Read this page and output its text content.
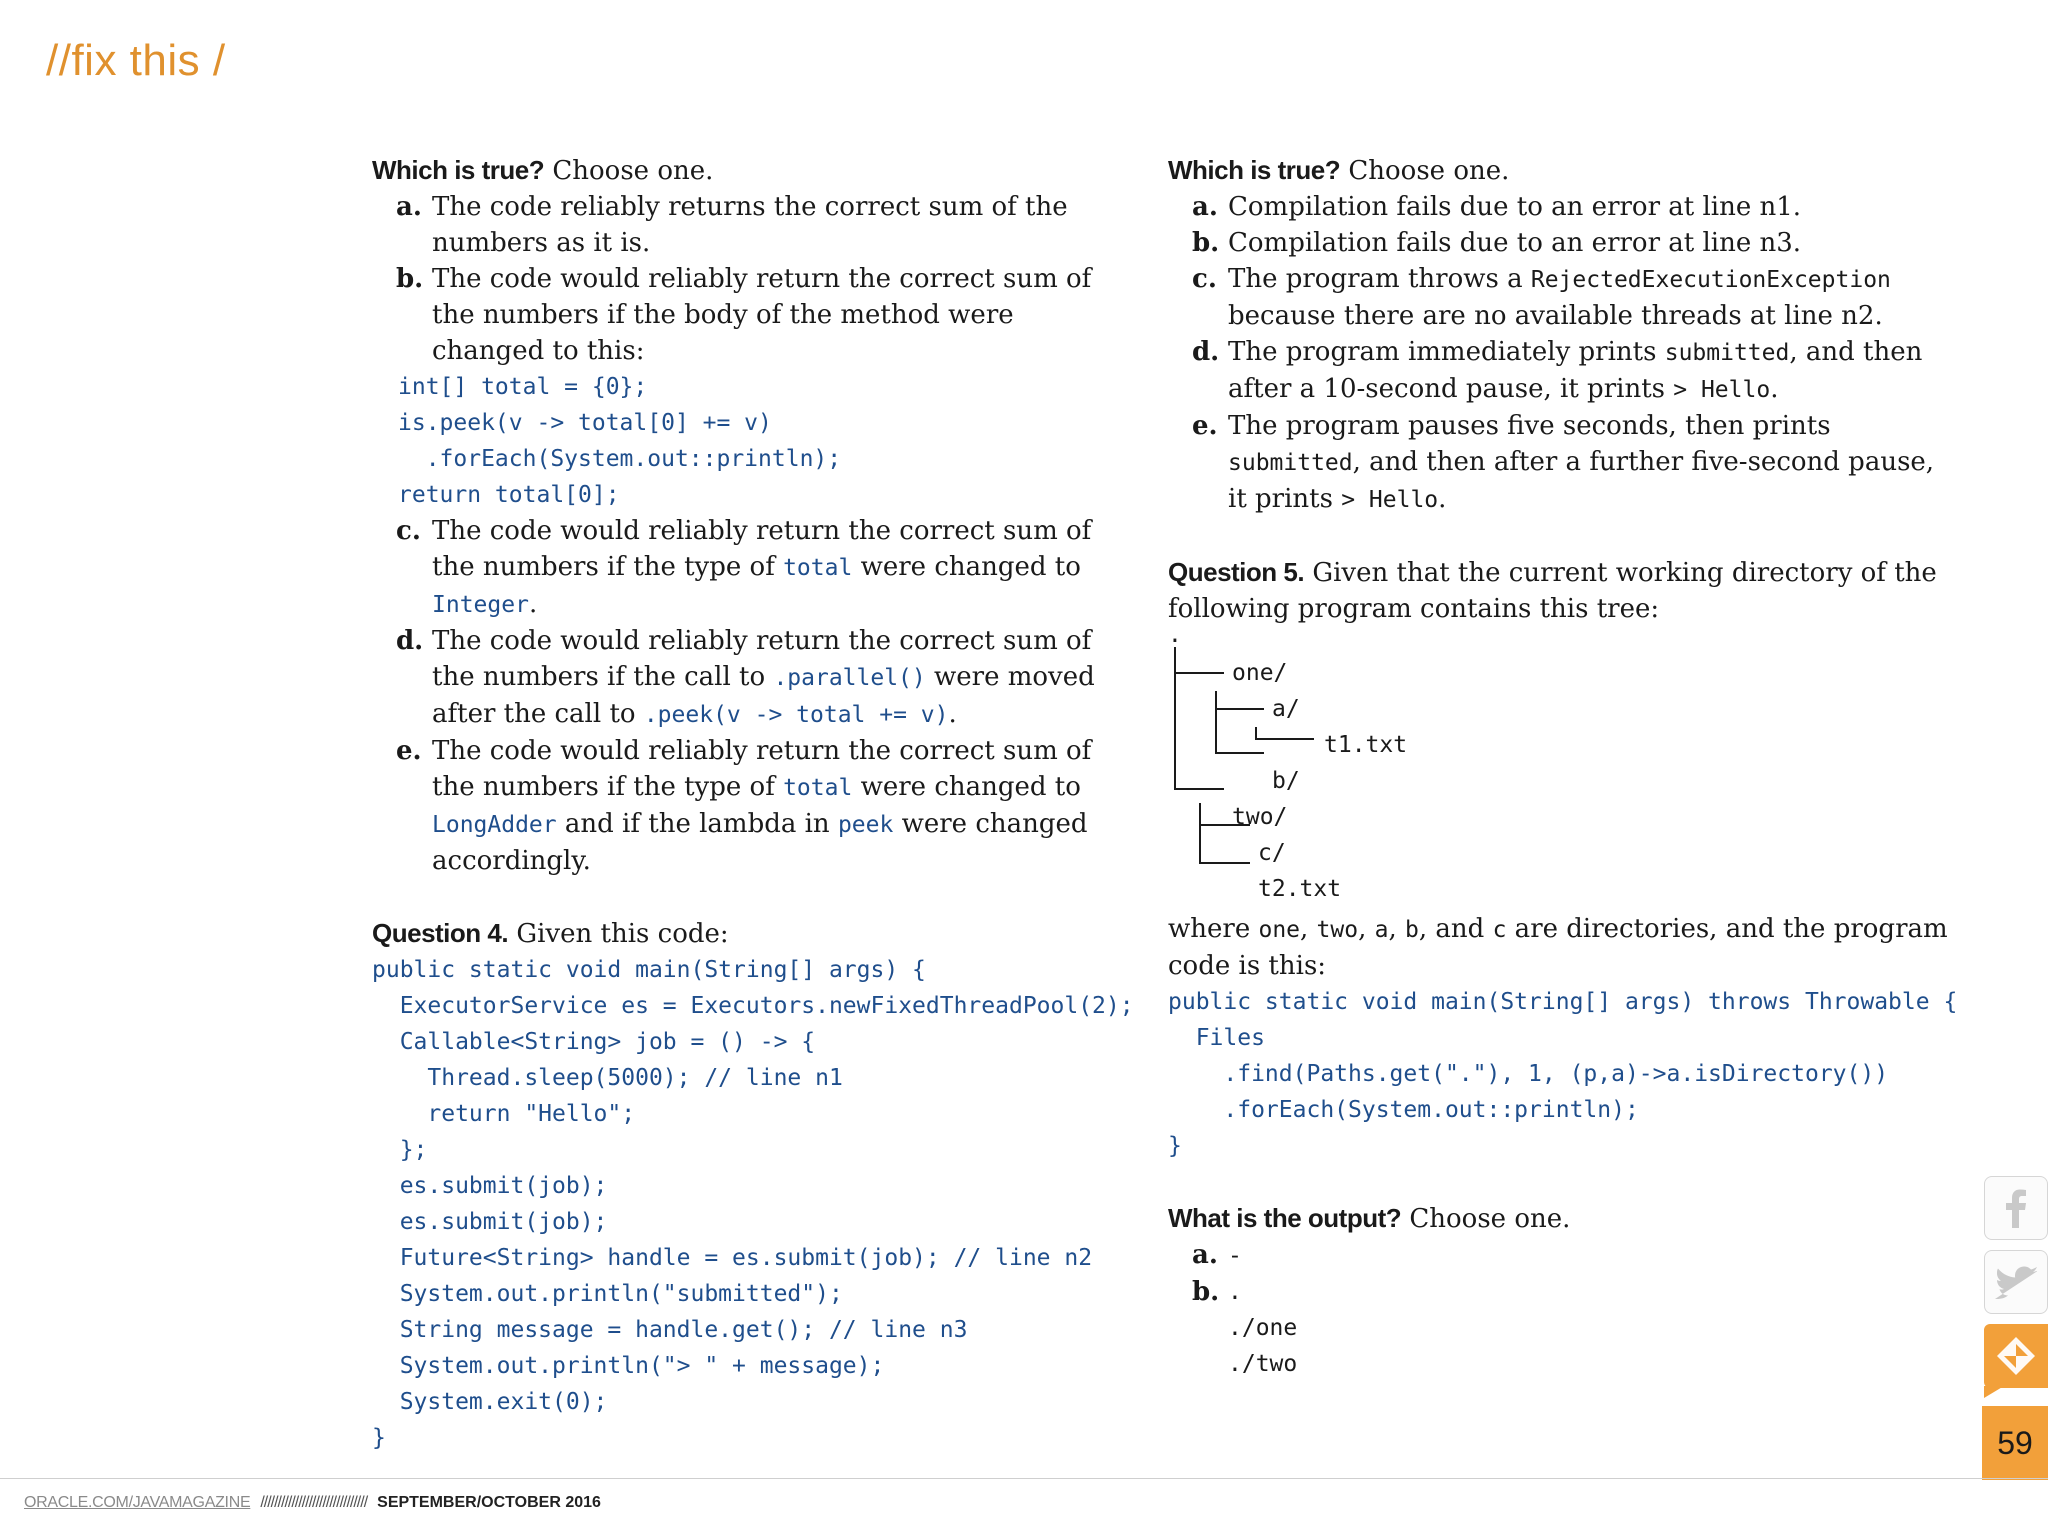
//fix this /
Which is true? Choose one.
a. The code reliably returns the correct sum of the numbers as it is.
b. The code would reliably return the correct sum of the numbers if the body of the method were changed to this:
int[] total = {0};
is.peek(v -> total[0] += v)
.forEach(System.out::println);
return total[0];
c. The code would reliably return the correct sum of the numbers if the type of total were changed to Integer.
d. The code would reliably return the correct sum of the numbers if the call to .parallel() were moved after the call to .peek(v -> total += v).
e. The code would reliably return the correct sum of the numbers if the type of total were changed to LongAdder and if the lambda in peek were changed accordingly.
Question 4. Given this code:
public static void main(String[] args) {
ExecutorService es = Executors.newFixedThreadPool(2);
Callable<String> job = () -> {
Thread.sleep(5000); // line n1
return "Hello";
};
es.submit(job);
es.submit(job);
Future<String> handle = es.submit(job); // line n2
System.out.println("submitted");
String message = handle.get(); // line n3
System.out.println("> " + message);
System.exit(0);
}
Which is true? Choose one.
a. Compilation fails due to an error at line n1.
b. Compilation fails due to an error at line n3.
c. The program throws a RejectedExecutionException because there are no available threads at line n2.
d. The program immediately prints submitted, and then after a 10-second pause, it prints > Hello.
e. The program pauses five seconds, then prints submitted, and then after a further five-second pause, it prints > Hello.
Question 5. Given that the current working directory of the following program contains this tree:
.
one/
a/
t1.txt
b/
two/
c/
t2.txt
where one, two, a, b, and c are directories, and the program code is this:
public static void main(String[] args) throws Throwable {
Files
.find(Paths.get("."), 1, (p,a)->a.isDirectory())
.forEach(System.out::println);
}
What is the output? Choose one.
a. -
b. .
./one
./two
59
ORACLE.COM/JAVAMAGAZINE /////////////////////////////// SEPTEMBER/OCTOBER 2016
